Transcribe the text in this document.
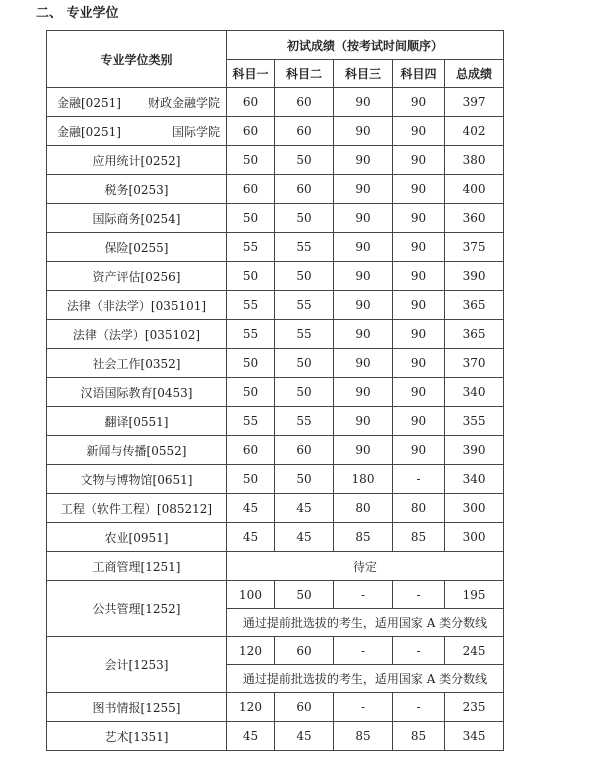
二、 专业学位
专业学位类别	初试成绩（按考试时间顺序）				
	科目一	科目二	科目三	科目四	总成绩

金融[0251] 财政金融学院	60	60	90	90	397

金融[0251] 国际学院	60	60	90	90	402
应用统计[0252]	50	50	90	90	380
税务[0253]	60	60	90	90	400
国际商务[0254]	50	50	90	90	360
保险[0255]	55	55	90	90	375
资产评估[0256]	50	50	90	90	390
法律（非法学）[035101]	55	55	90	90	365
法律（法学）[035102]	55	55	90	90	365
社会工作[0352]	50	50	90	90	370
汉语国际教育[0453]	50	50	90	90	340
翻译[0551]	55	55	90	90	355
新闻与传播[0552]	60	60	90	90	390
文物与博物馆[0651]	50	50	180	-	340
工程（软件工程）[085212]	45	45	80	80	300
农业[0951]	45	45	85	85	300
工商管理[1251]	待定				
公共管理[1252]	100	50	-	-	195
	通过提前批选拔的考生，适用国家 A 类分数线				
会计[1253]	120	60	-	-	245
	通过提前批选拔的考生，适用国家 A 类分数线				
图书情报[1255]	120	60	-	-	235
艺术[1351]	45	45	85	85	345
